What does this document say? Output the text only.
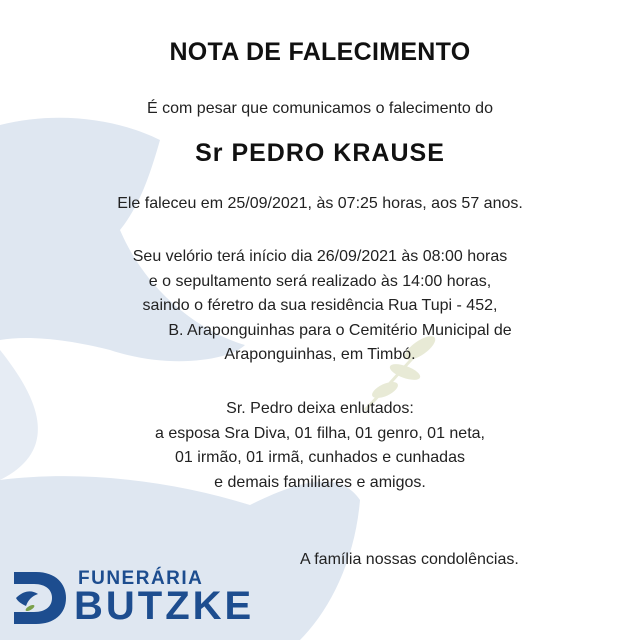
NOTA DE FALECIMENTO
É com pesar que comunicamos o falecimento do
Sr PEDRO KRAUSE
Ele faleceu em 25/09/2021, às 07:25 horas, aos 57 anos.
Seu velório terá início dia 26/09/2021 às 08:00 horas
e o sepultamento será realizado às 14:00 horas,
saindo o féretro da sua residência Rua Tupi - 452,
B. Araponguinhas para o Cemitério Municipal de
Araponguinhas, em Timbó.
Sr. Pedro deixa enlutados:
a esposa Sra Diva, 01 filha, 01 genro, 01 neta,
01 irmão, 01 irmã, cunhados e cunhadas
e demais familiares e amigos.
A família nossas condolências.
FUNERÁRIA
BUTZKE
